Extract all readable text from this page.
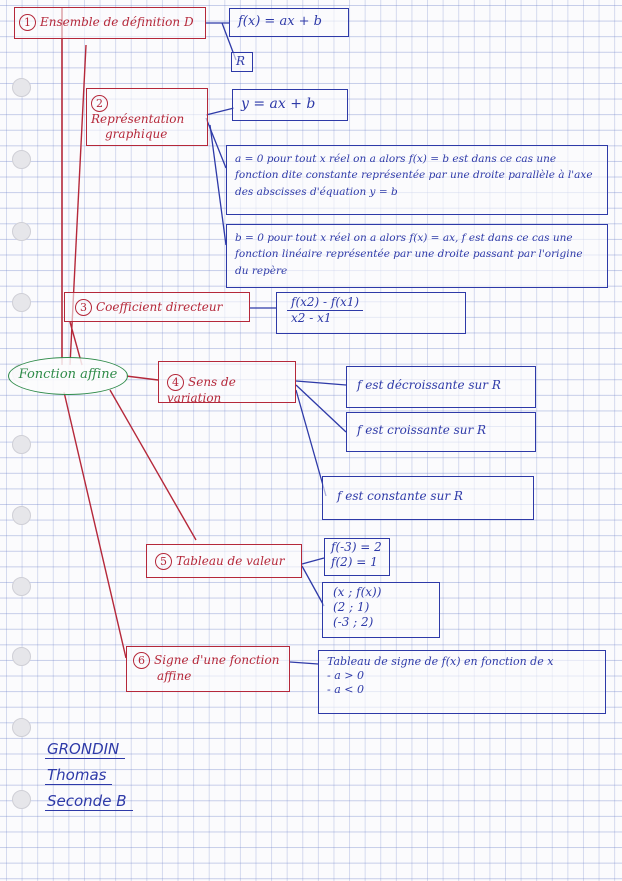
Fonction affine
1 Ensemble de définition D	f(x) = ax + b
R
2Représentation
graphique
y = ax + b
a = 0 pour tout x réel on a alors f(x) = b est dans ce cas une fonction dite constante représentée par une droite parallèle à l'axe des abscisses d'équation y = b
b = 0 pour tout x réel on a alors f(x) = ax, f est dans ce cas une fonction linéaire représentée par une droite passant par l'origine du repère
3 Coefficient directeur	f(x2) - f(x1)
x2 - x1
4 Sens de variation
f est décroissante sur R
f est croissante sur R
f est constante sur R
5 Tableau de valeur
f(-3) = 2
f(2) = 1
(x ; f(x))
(2 ; 1)
(-3 ; 2)
6 Signe d'une fonction
affine
Tableau de signe de f(x) en fonction de x
- a > 0
- a < 0
GRONDIN
Thomas
Seconde B
